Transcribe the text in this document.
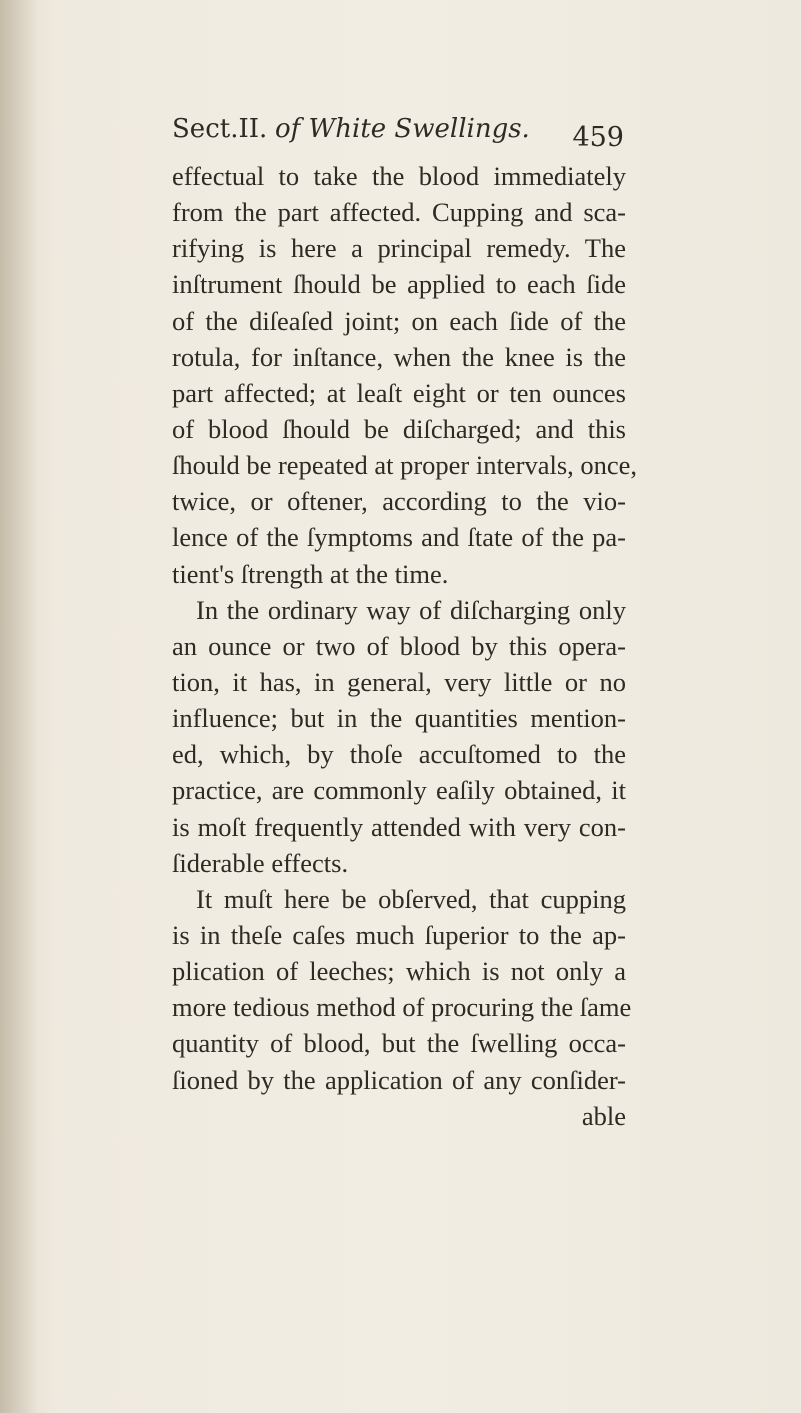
Sect.II. of White Swellings. 459
effectual to take the blood immediately
from the part affected. Cupping and sca-
rifying is here a principal remedy. The
inſtrument ſhould be applied to each ſide
of the diſeaſed joint; on each ſide of the
rotula, for inſtance, when the knee is the
part affected; at leaſt eight or ten ounces
of blood ſhould be diſcharged; and this
ſhould be repeated at proper intervals, once,
twice, or oftener, according to the vio-
lence of the ſymptoms and ſtate of the pa-
tient's ſtrength at the time.
In the ordinary way of diſcharging only
an ounce or two of blood by this opera-
tion, it has, in general, very little or no
influence; but in the quantities mention-
ed, which, by thoſe accuſtomed to the
practice, are commonly eaſily obtained, it
is moſt frequently attended with very con-
ſiderable effects.
It muſt here be obſerved, that cupping
is in theſe caſes much ſuperior to the ap-
plication of leeches; which is not only a
more tedious method of procuring the ſame
quantity of blood, but the ſwelling occa-
ſioned by the application of any conſider-
able
